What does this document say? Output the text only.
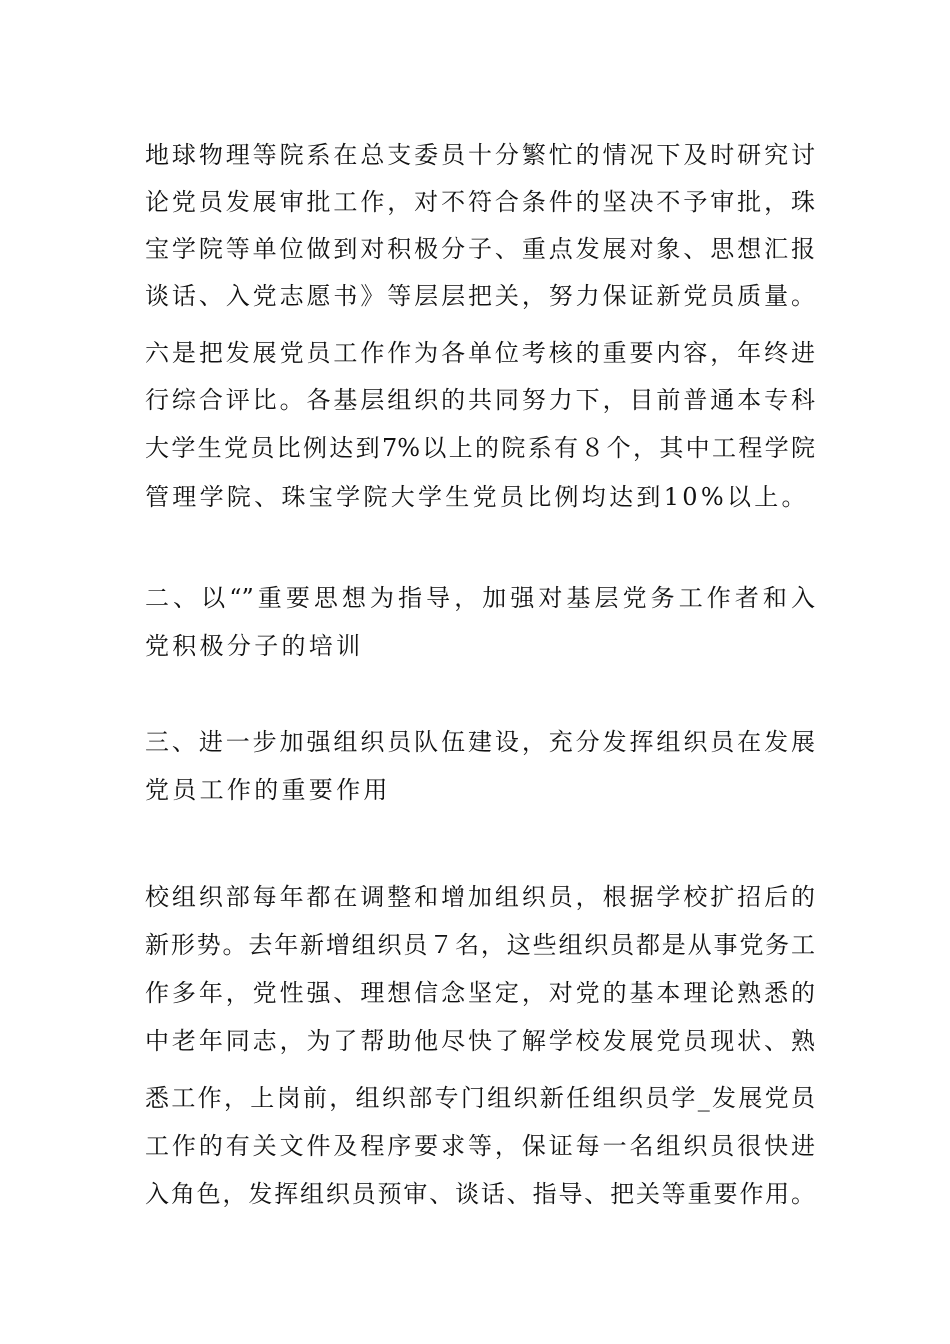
地球物理等院系在总支委员十分繁忙的情况下及时研究讨
论党员发展审批工作，对不符合条件的坚决不予审批，珠
宝学院等单位做到对积极分子、重点发展对象、思想汇报
谈话、入党志愿书》等层层把关，努力保证新党员质量。
六是把发展党员工作作为各单位考核的重要内容，年终进
行综合评比。各基层组织的共同努力下，目前普通本专科
大学生党员比例达到7%以上的院系有８个，其中工程学院
管理学院、珠宝学院大学生党员比例均达到10%以上。
二、以“”重要思想为指导，加强对基层党务工作者和入
党积极分子的培训
三、进一步加强组织员队伍建设，充分发挥组织员在发展
党员工作的重要作用
校组织部每年都在调整和增加组织员，根据学校扩招后的
新形势。去年新增组织员７名，这些组织员都是从事党务工
作多年，党性强、理想信念坚定，对党的基本理论熟悉的
中老年同志，为了帮助他尽快了解学校发展党员现状、熟
悉工作，上岗前，组织部专门组织新任组织员学_发展党员
工作的有关文件及程序要求等，保证每一名组织员很快进
入角色，发挥组织员预审、谈话、指导、把关等重要作用。
